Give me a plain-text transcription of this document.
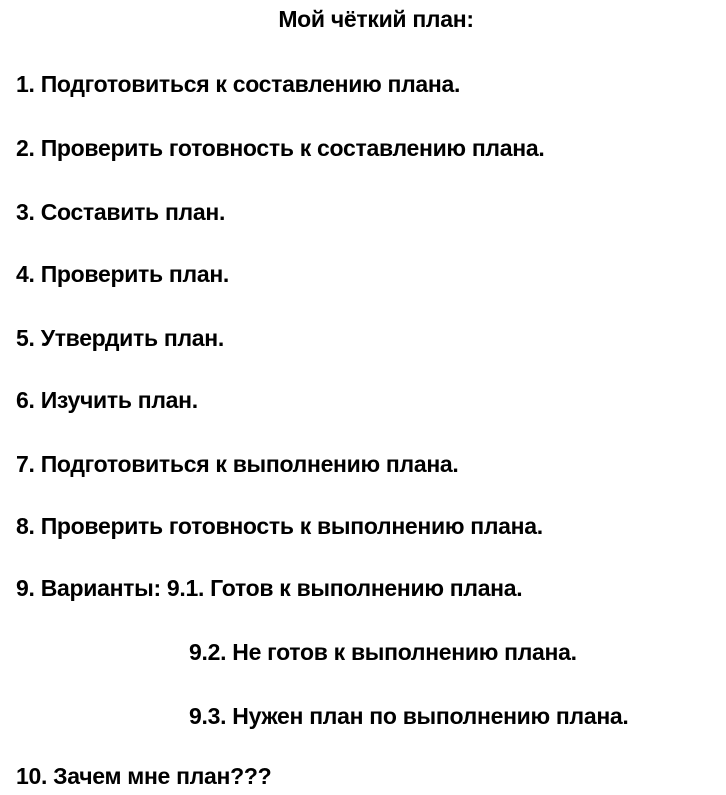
Мой чёткий план:
1. Подготовиться к составлению плана.
2. Проверить готовность к составлению плана.
3. Составить план.
4. Проверить план.
5. Утвердить план.
6. Изучить план.
7. Подготовиться к выполнению плана.
8. Проверить готовность к выполнению плана.
9. Варианты: 9.1. Готов к выполнению плана.
9.2. Не готов к выполнению плана.
9.3. Нужен план по выполнению плана.
10. Зачем мне план???
